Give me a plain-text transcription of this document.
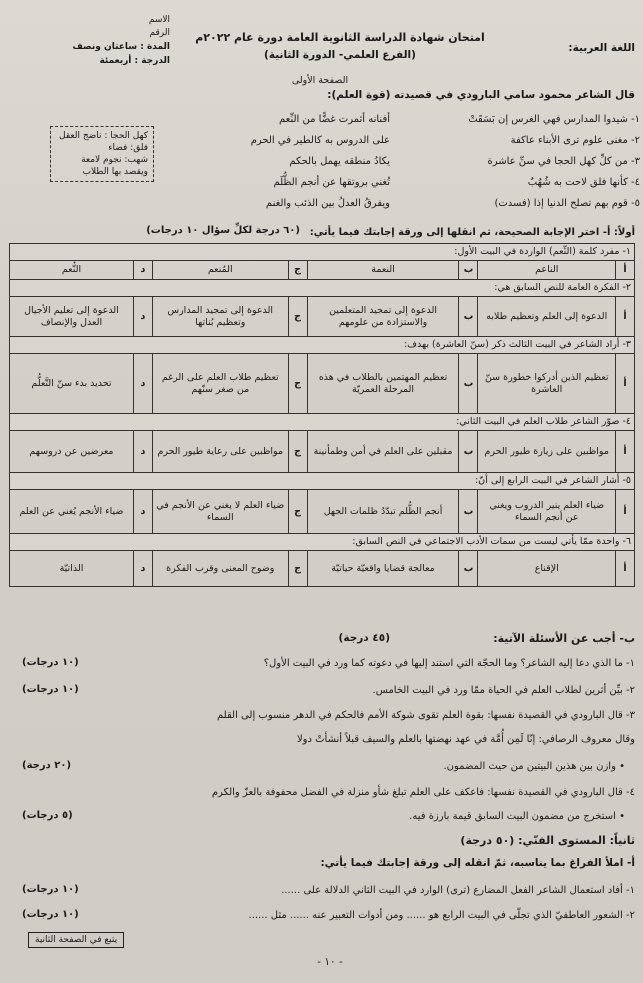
الاسم
الرقم
المدة : ساعتان ونصف
الدرجة : أربعمئة
امتحان شهادة الدراسة الثانوية العامة دورة عام ٢٠٢٢م
(الفرع العلمي- الدورة الثانية)
الصفحة الأولى
اللغة العربية:
قال الشاعر محمود سامي البارودي في قصيدته (قوة العلم):
١- شيدوا المدارس فهي الغرس إن بَسَقَتْ
أفنانه أثمرت غضًّا من النِّعم
٢- مغنى علوم ترى الأبناء عاكفة
على الدروس به كالطير في الحرم
٣- من كلِّ كهل الحجا في سنِّ عاشرة
يكادُ منطقه يهمل بالحكم
٤- كأنها فلق لاحت به شُهُبٌ
تُغني بروتقها عن أنجم الظُّلَم
٥- قوم بهم تصلح الدنيا إذا (فسدت)
ويفرقُ العدلُ بين الذئب والغنم
كهل الحجا : ناضج العقل
فلق: فضاء
شهب: نجوم لامعة
ويقصد بها الطلاب
أولاً: أ- اختر الإجابة الصحيحة، ثم انقلها إلى ورقة إجابتك فيما يأتي:
(٦٠ درجة لكلِّ سؤال ١٠ درجات)
١- مفرد كلمة (النِّعم) الواردة في البيت الأول:							
أ	الناعم	ب	النعمة	ج	المُنعم	د	النُّعم
٢- الفكرة العامة للنص السابق هي:							
أ	الدعوة إلى العلم وتعظيم طلابه	ب	الدعوة إلى تمجيد المتعلمين والاستزادة من علومهم	ج	الدعوة إلى تمجيد المدارس وتعظيم بُناتها	د	الدعوة إلى تعليم الأجيال العدل والإنصاف
٣- أراد الشاعر في البيت الثالث ذكر (سنّ العاشرة) بهدف:							
أ	تعظيم الذين أدركوا خطورة سنّ العاشرة	ب	تعظيم المهتمين بالطلاب في هذه المرحلة العمريّة	ج	تعظيم طلاب العلم على الرغم من صغر سنّهم	د	تحديد بدء سنّ التَّعلُّم
٤- صوّر الشاعر طلاب العلم في البيت الثاني:							
أ	مواظبين على زيارة طيور الحرم	ب	مقبلين على العلم في أمن وطمأنينة	ج	مواظبين على رعاية طيور الحرم	د	معرضين عن دروسهم
٥- أشار الشاعر في البيت الرابع إلى أنّ:							
أ	ضياء العلم ينير الدروب ويغني عن أنجم السماء	ب	أنجم الظُّلم تبدّدُ ظلمات الجهل	ج	ضياء العلم لا يغني عن الأنجم في السماء	د	ضياء الأنجم يُغني عن العلم
٦- واحدة ممّا يأتي ليست من سمات الأدب الاجتماعي في النص السابق:							
أ	الإقناع	ب	معالجة قضايا واقعيّة حياتيّة	ج	وضوح المعنى وقرب الفكرة	د	الذاتيّة
ب- أجب عن الأسئلة الآتية:
(٤٥ درجة)
١- ما الذي دعا إليه الشاعر؟ وما الحجّة التي استند إليها في دعوته كما ورد في البيت الأول؟
(١٠ درجات)
٢- بيِّن أثرين لطلاب العلم في الحياة ممّا ورد في البيت الخامس.
(١٠ درجات)
٣- قال البارودي في القصيدة نفسها: بقوة العلم تقوى شوكة الأمم فالحكم في الدهر منسوب إلى القلم
وقال معروف الرصافي: إنّا لَمِن أُمَّة في عهد نهضتها بالعلم والسيف قبلاً أنشأتْ دولا
• وازن بين هذين البيتين من حيث المضمون.
(٢٠ درجة)
٤- قال البارودي في القصيدة نفسها: فاعكف على العلم تبلغ شأو منزلة في الفضل محفوفة بالعزّ والكرم
• استخرج من مضمون البيت السابق قيمة بارزة فيه.
(٥ درجات)
ثانياً: المستوى الفنّي: (٥٠ درجة)
أ- املأ الفراغ بما يناسبه، ثمّ انقله إلى ورقة إجابتك فيما يأتي:
١- أفاد استعمال الشاعر الفعل المضارع (ترى) الوارد في البيت الثاني الدلالة على ......
(١٠ درجات)
٢- الشعور العاطفيّ الذي تجلّى في البيت الرابع هو ...... ومن أدوات التعبير عنه ...... مثل ......
(١٠ درجات)
يتبع في الصفحة الثانية
- ١٠ -
